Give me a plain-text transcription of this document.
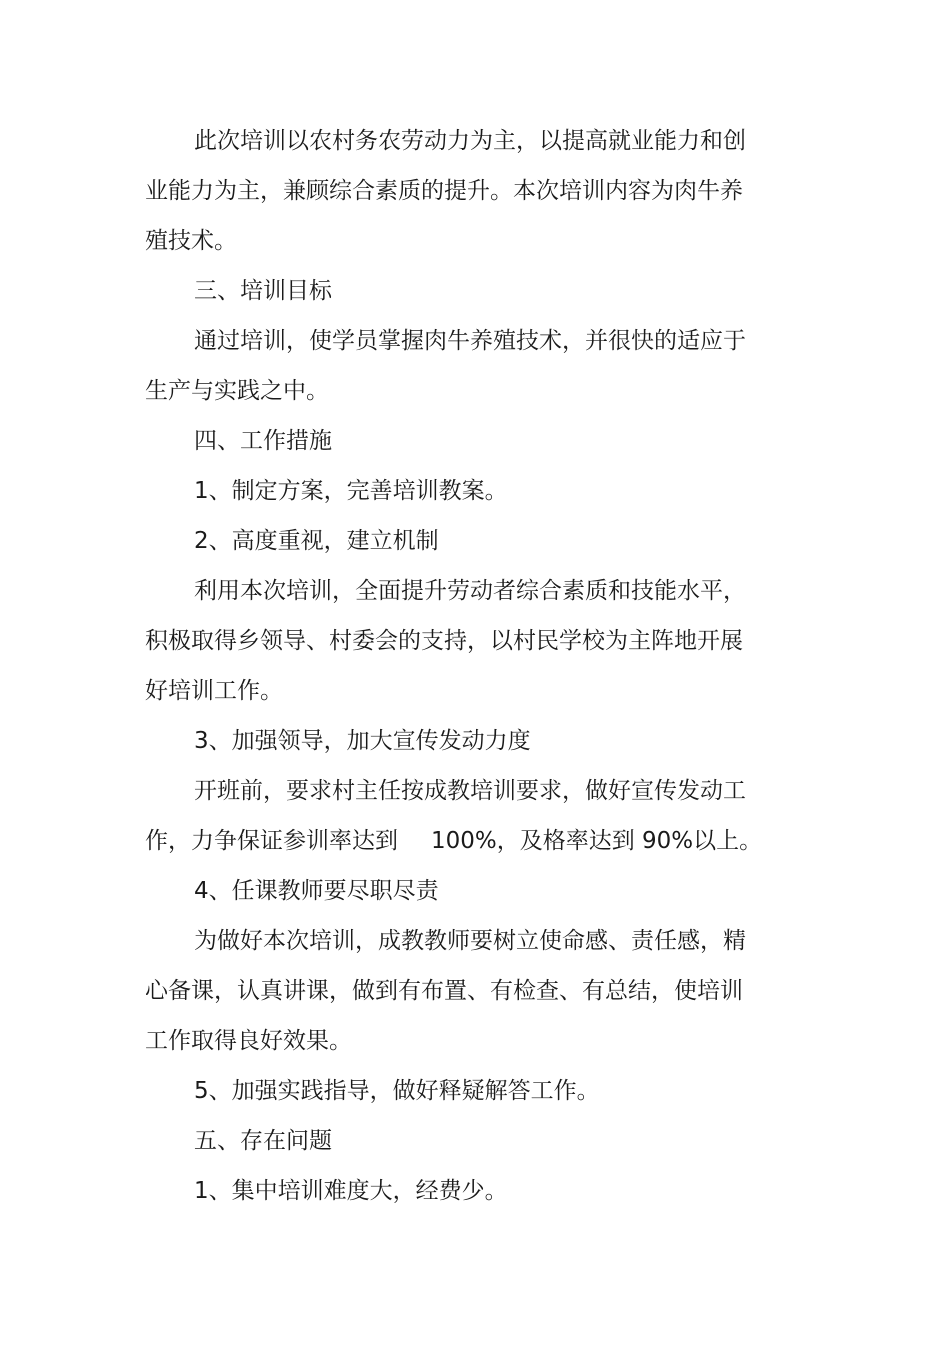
此次培训以农村务农劳动力为主，以提高就业能力和创
业能力为主，兼顾综合素质的提升。本次培训内容为肉牛养
殖技术。
三、培训目标
通过培训，使学员掌握肉牛养殖技术，并很快的适应于
生产与实践之中。
四、工作措施
1、制定方案，完善培训教案。
2、高度重视，建立机制
利用本次培训，全面提升劳动者综合素质和技能水平，
积极取得乡领导、村委会的支持，以村民学校为主阵地开展
好培训工作。
3、加强领导，加大宣传发动力度
开班前，要求村主任按成教培训要求，做好宣传发动工
作，力争保证参训率达到	100%，及格率达到 90%以上。
4、任课教师要尽职尽责
为做好本次培训，成教教师要树立使命感、责任感，精
心备课，认真讲课，做到有布置、有检查、有总结，使培训
工作取得良好效果。
5、加强实践指导，做好释疑解答工作。
五、存在问题
1、集中培训难度大，经费少。
